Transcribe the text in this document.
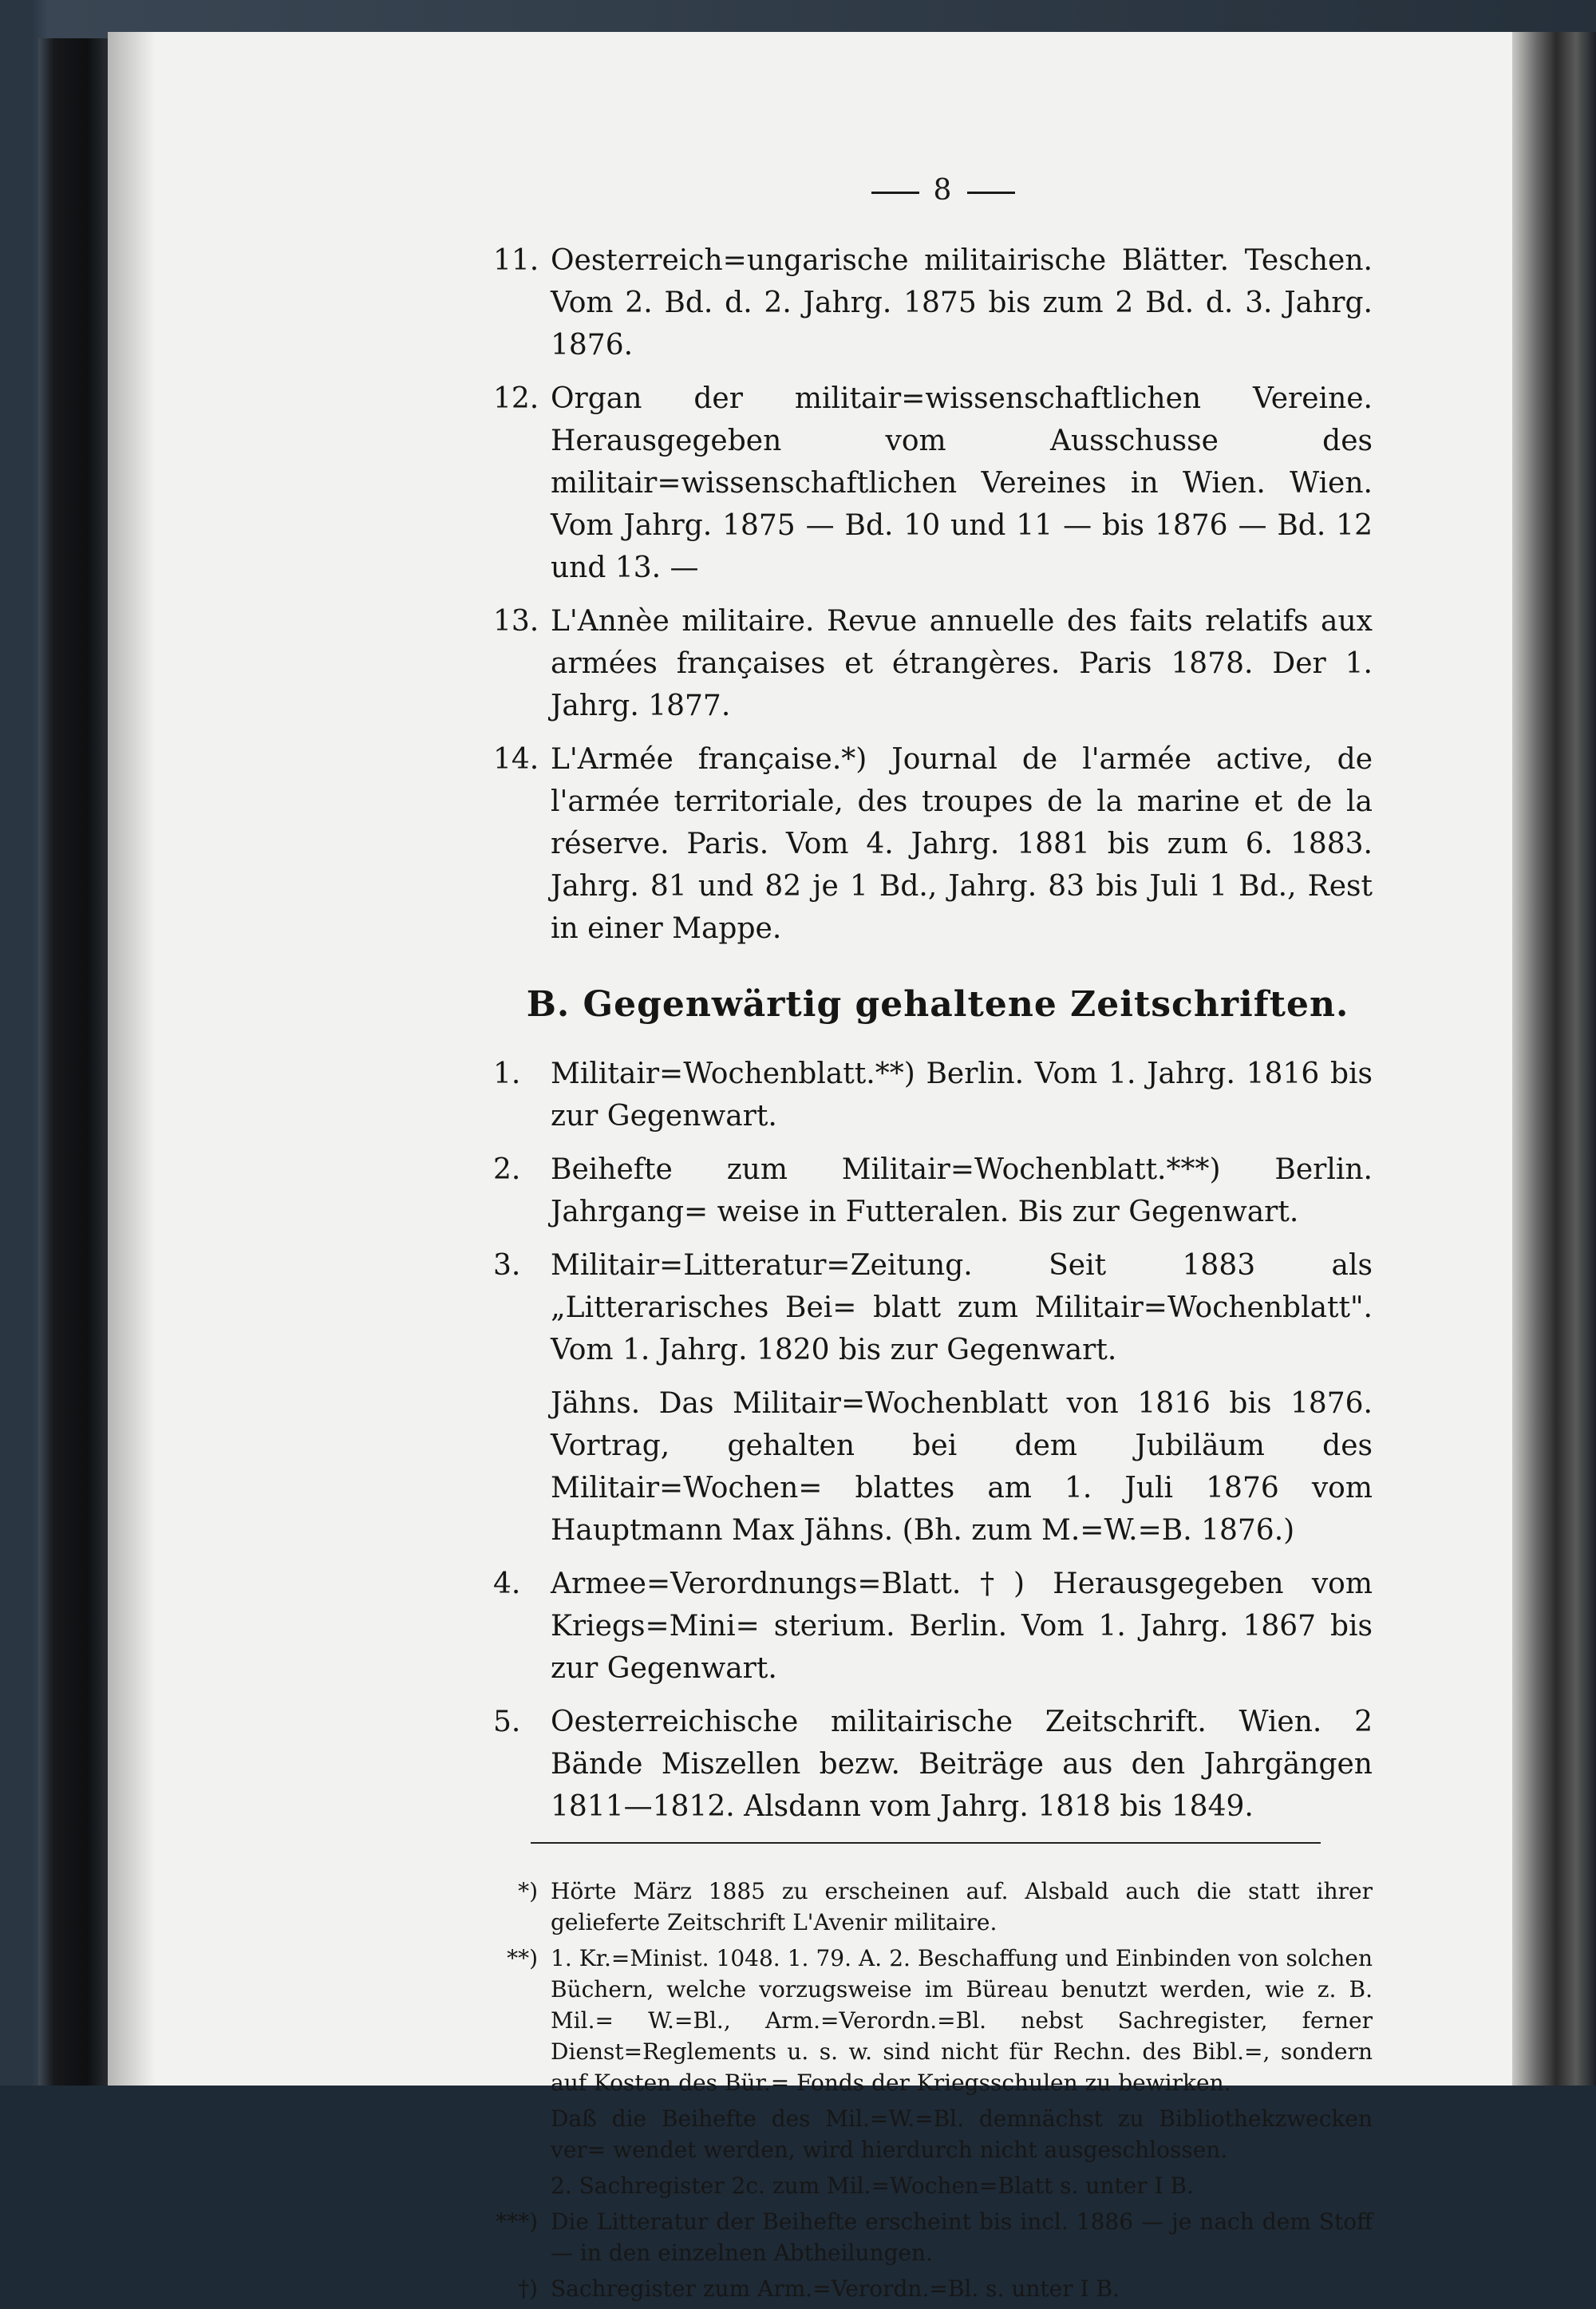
8
11. Oesterreich=ungarische militairische Blätter. Teschen. Vom 2. Bd. d. 2. Jahrg. 1875 bis zum 2 Bd. d. 3. Jahrg. 1876.
12. Organ der militair=wissenschaftlichen Vereine. Herausgegeben vom Ausschusse des militair=wissenschaftlichen Vereines in Wien. Wien. Vom Jahrg. 1875 — Bd. 10 und 11 — bis 1876 — Bd. 12 und 13. —
13. L'Annèe militaire. Revue annuelle des faits relatifs aux armées françaises et étrangères. Paris 1878. Der 1. Jahrg. 1877.
14. L'Armée française.*) Journal de l'armée active, de l'armée territoriale, des troupes de la marine et de la réserve. Paris. Vom 4. Jahrg. 1881 bis zum 6. 1883. Jahrg. 81 und 82 je 1 Bd., Jahrg. 83 bis Juli 1 Bd., Rest in einer Mappe.
B. Gegenwärtig gehaltene Zeitschriften.
1.	Militair=Wochenblatt.**) Berlin. Vom 1. Jahrg. 1816 bis zur Gegenwart.
2.	Beihefte zum Militair=Wochenblatt.***) Berlin. Jahrgang= weise in Futteralen. Bis zur Gegenwart.
3.	Militair=Litteratur=Zeitung. Seit 1883 als „Litterarisches Bei= blatt zum Militair=Wochenblatt". Vom 1. Jahrg. 1820 bis zur Gegenwart.
Jähns. Das Militair=Wochenblatt von 1816 bis 1876. Vortrag, gehalten bei dem Jubiläum des Militair=Wochen= blattes am 1. Juli 1876 vom Hauptmann Max Jähns. (Bh. zum M.=W.=B. 1876.)
4.	Armee=Verordnungs=Blatt.†) Herausgegeben vom Kriegs=Mini= sterium. Berlin. Vom 1. Jahrg. 1867 bis zur Gegenwart.
5.	Oesterreichische militairische Zeitschrift. Wien. 2 Bände Miszellen bezw. Beiträge aus den Jahrgängen 1811—1812. Alsdann vom Jahrg. 1818 bis 1849.
*) Hörte März 1885 zu erscheinen auf. Alsbald auch die statt ihrer gelieferte Zeitschrift L'Avenir militaire.
**) 1. Kr.=Minist. 1048. 1. 79. A. 2. Beschaffung und Einbinden von solchen Büchern, welche vorzugsweise im Büreau benutzt werden, wie z. B. Mil.= W.=Bl., Arm.=Verordn.=Bl. nebst Sachregister, ferner Dienst=Reglements u. s. w. sind nicht für Rechn. des Bibl.=, sondern auf Kosten des Bür.= Fonds der Kriegsschulen zu bewirken.
Daß die Beihefte des Mil.=W.=Bl. demnächst zu Bibliothekzwecken ver= wendet werden, wird hierdurch nicht ausgeschlossen.
2. Sachregister 2c. zum Mil.=Wochen=Blatt s. unter I B.
***) Die Litteratur der Beihefte erscheint bis incl. 1886 — je nach dem Stoff — in den einzelnen Abtheilungen.
†) Sachregister zum Arm.=Verordn.=Bl. s. unter I B.
